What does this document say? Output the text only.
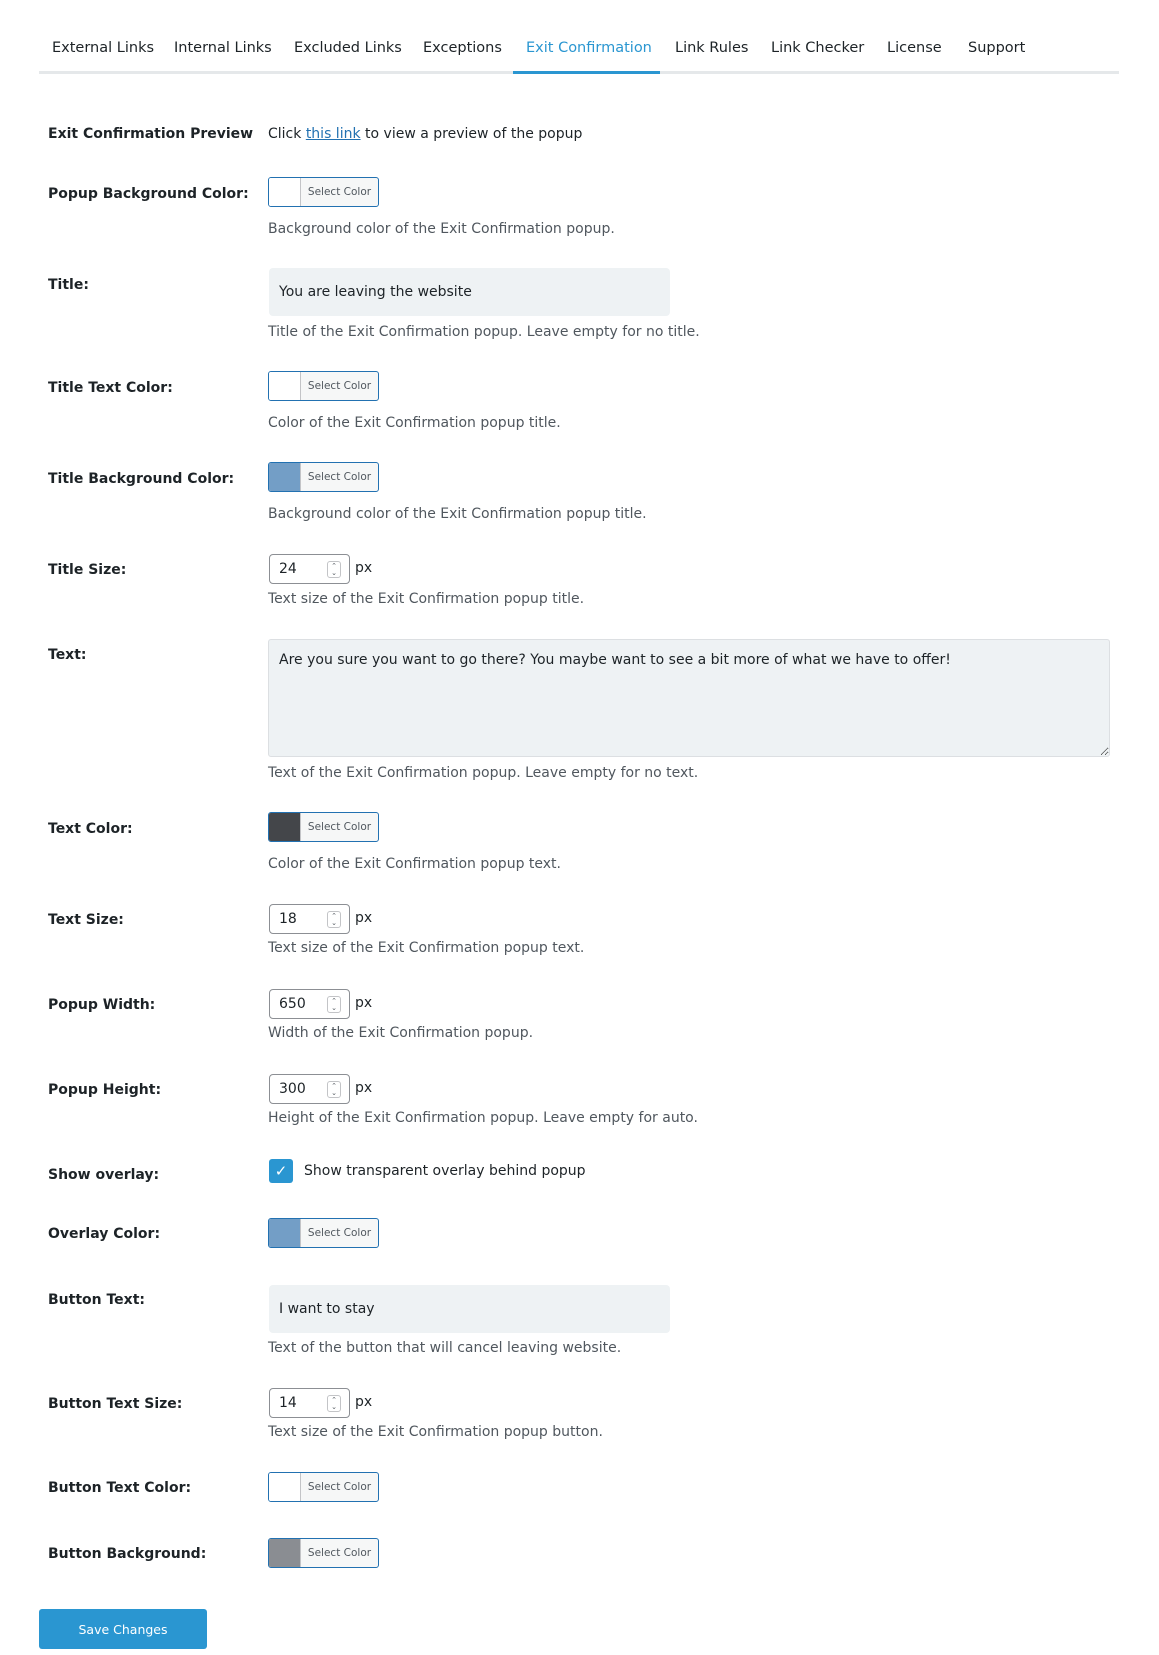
External Links Internal Links Excluded Links Exceptions Exit Confirmation Link Rules Link Checker License Support
Exit Confirmation Preview Click this link to view a preview of the popup
Popup Background Color:	Select Color
Background color of the Exit Confirmation popup.
Title:
You are leaving the website
Title of the Exit Confirmation popup. Leave empty for no title.
Title Text Color:	Select Color
Color of the Exit Confirmation popup title.
Title Background Color:	Select Color
Background color of the Exit Confirmation popup title.
Title Size:	24	⌃
⌄ px
Text size of the Exit Confirmation popup title.
Text:
Are you sure you want to go there? You maybe want to see a bit more of what we have to offer!
Text of the Exit Confirmation popup. Leave empty for no text.
Text Color:	Select Color
Color of the Exit Confirmation popup text.
Text Size:	18	⌃
⌄ px
Text size of the Exit Confirmation popup text.
Popup Width:	650	⌃
⌄ px
Width of the Exit Confirmation popup.
Popup Height:	300	⌃
⌄ px
Height of the Exit Confirmation popup. Leave empty for auto.
Show overlay:	✓ Show transparent overlay behind popup
Overlay Color:	Select Color
Button Text:
I want to stay
Text of the button that will cancel leaving website.
Button Text Size:	14	⌃
⌄ px
Text size of the Exit Confirmation popup button.
Button Text Color:	Select Color
Button Background:	Select Color
Save Changes
